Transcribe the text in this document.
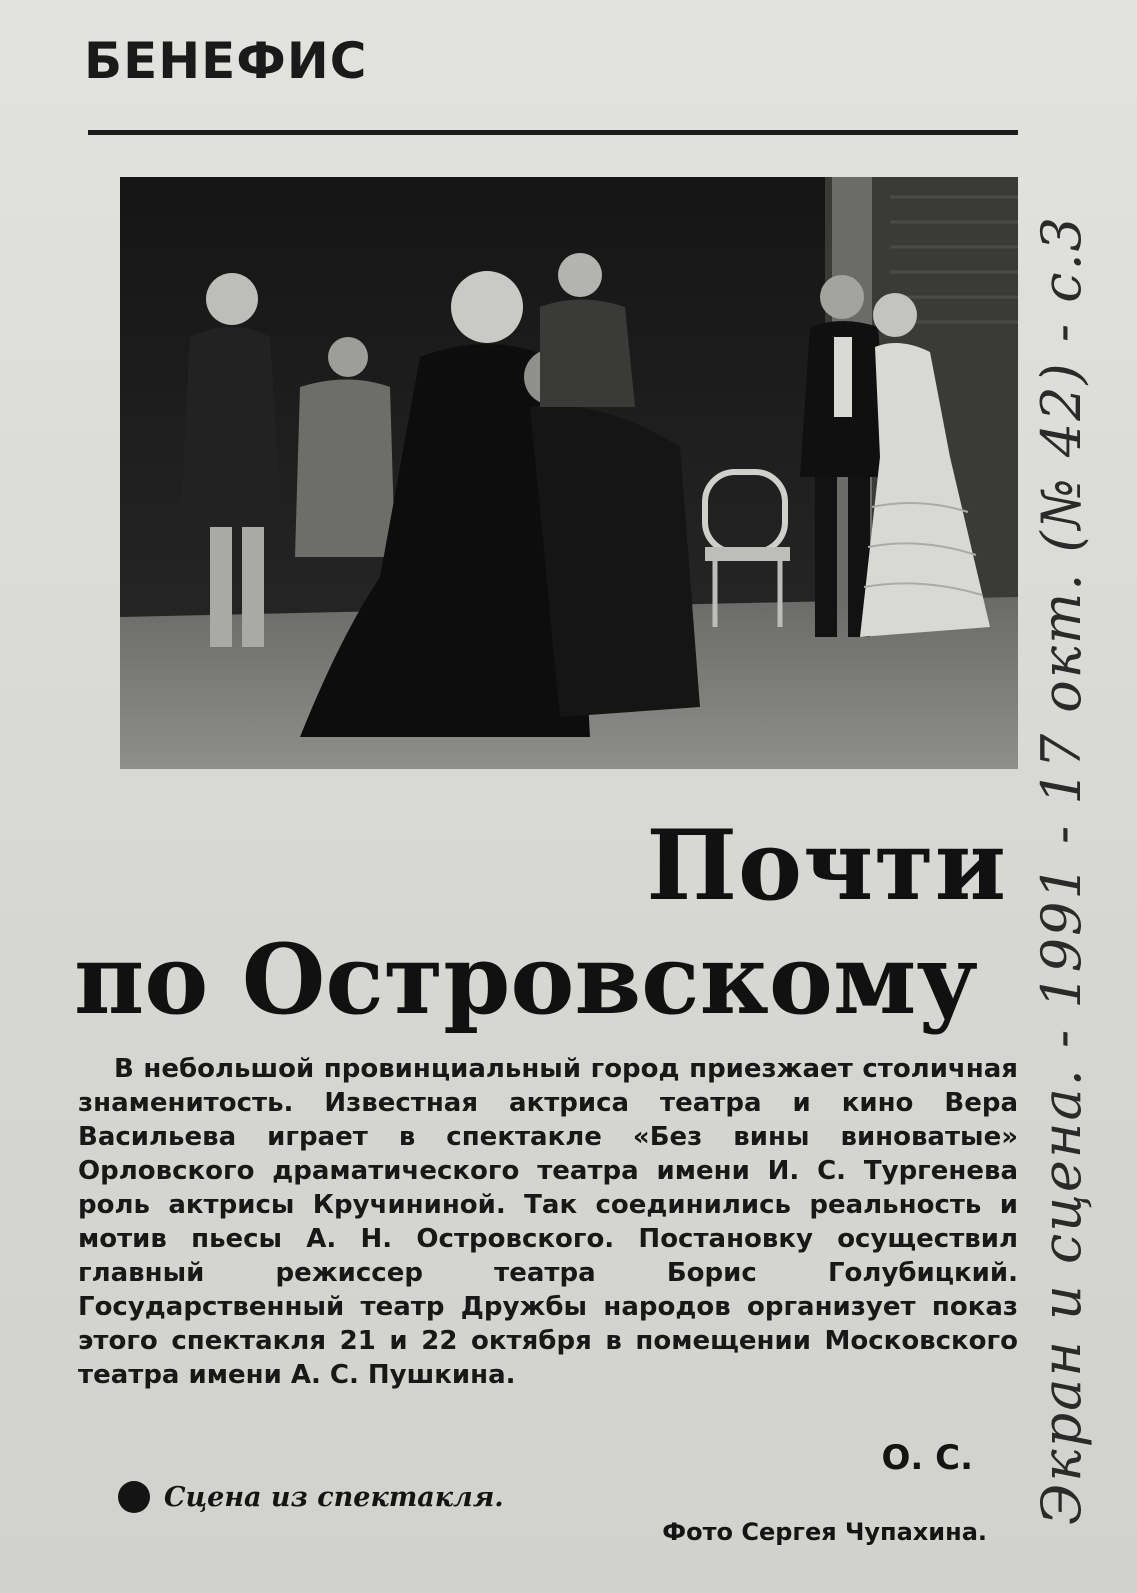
БЕНЕФИС
Почти
по Островскому

В небольшой провинциальный город приезжает столичная знаменитость. Известная актриса театра и кино Вера Васильева играет в спектакле «Без вины виноватые» Орловского драматического театра имени И. С. Тургенева роль актрисы Кручининой. Так соединились реальность и мотив пьесы А. Н. Островского. Постановку осуществил главный режиссер театра Борис Голубицкий. Государственный театр Дружбы народов организует показ этого спектакля 21 и 22 октября в помещении Московского театра имени А. С. Пушкина.

О. С.
Сцена из спектакля.
Фото Сергея Чупахина.
Экран и сцена. - 1991 - 17 окт. (№ 42) - с.3
